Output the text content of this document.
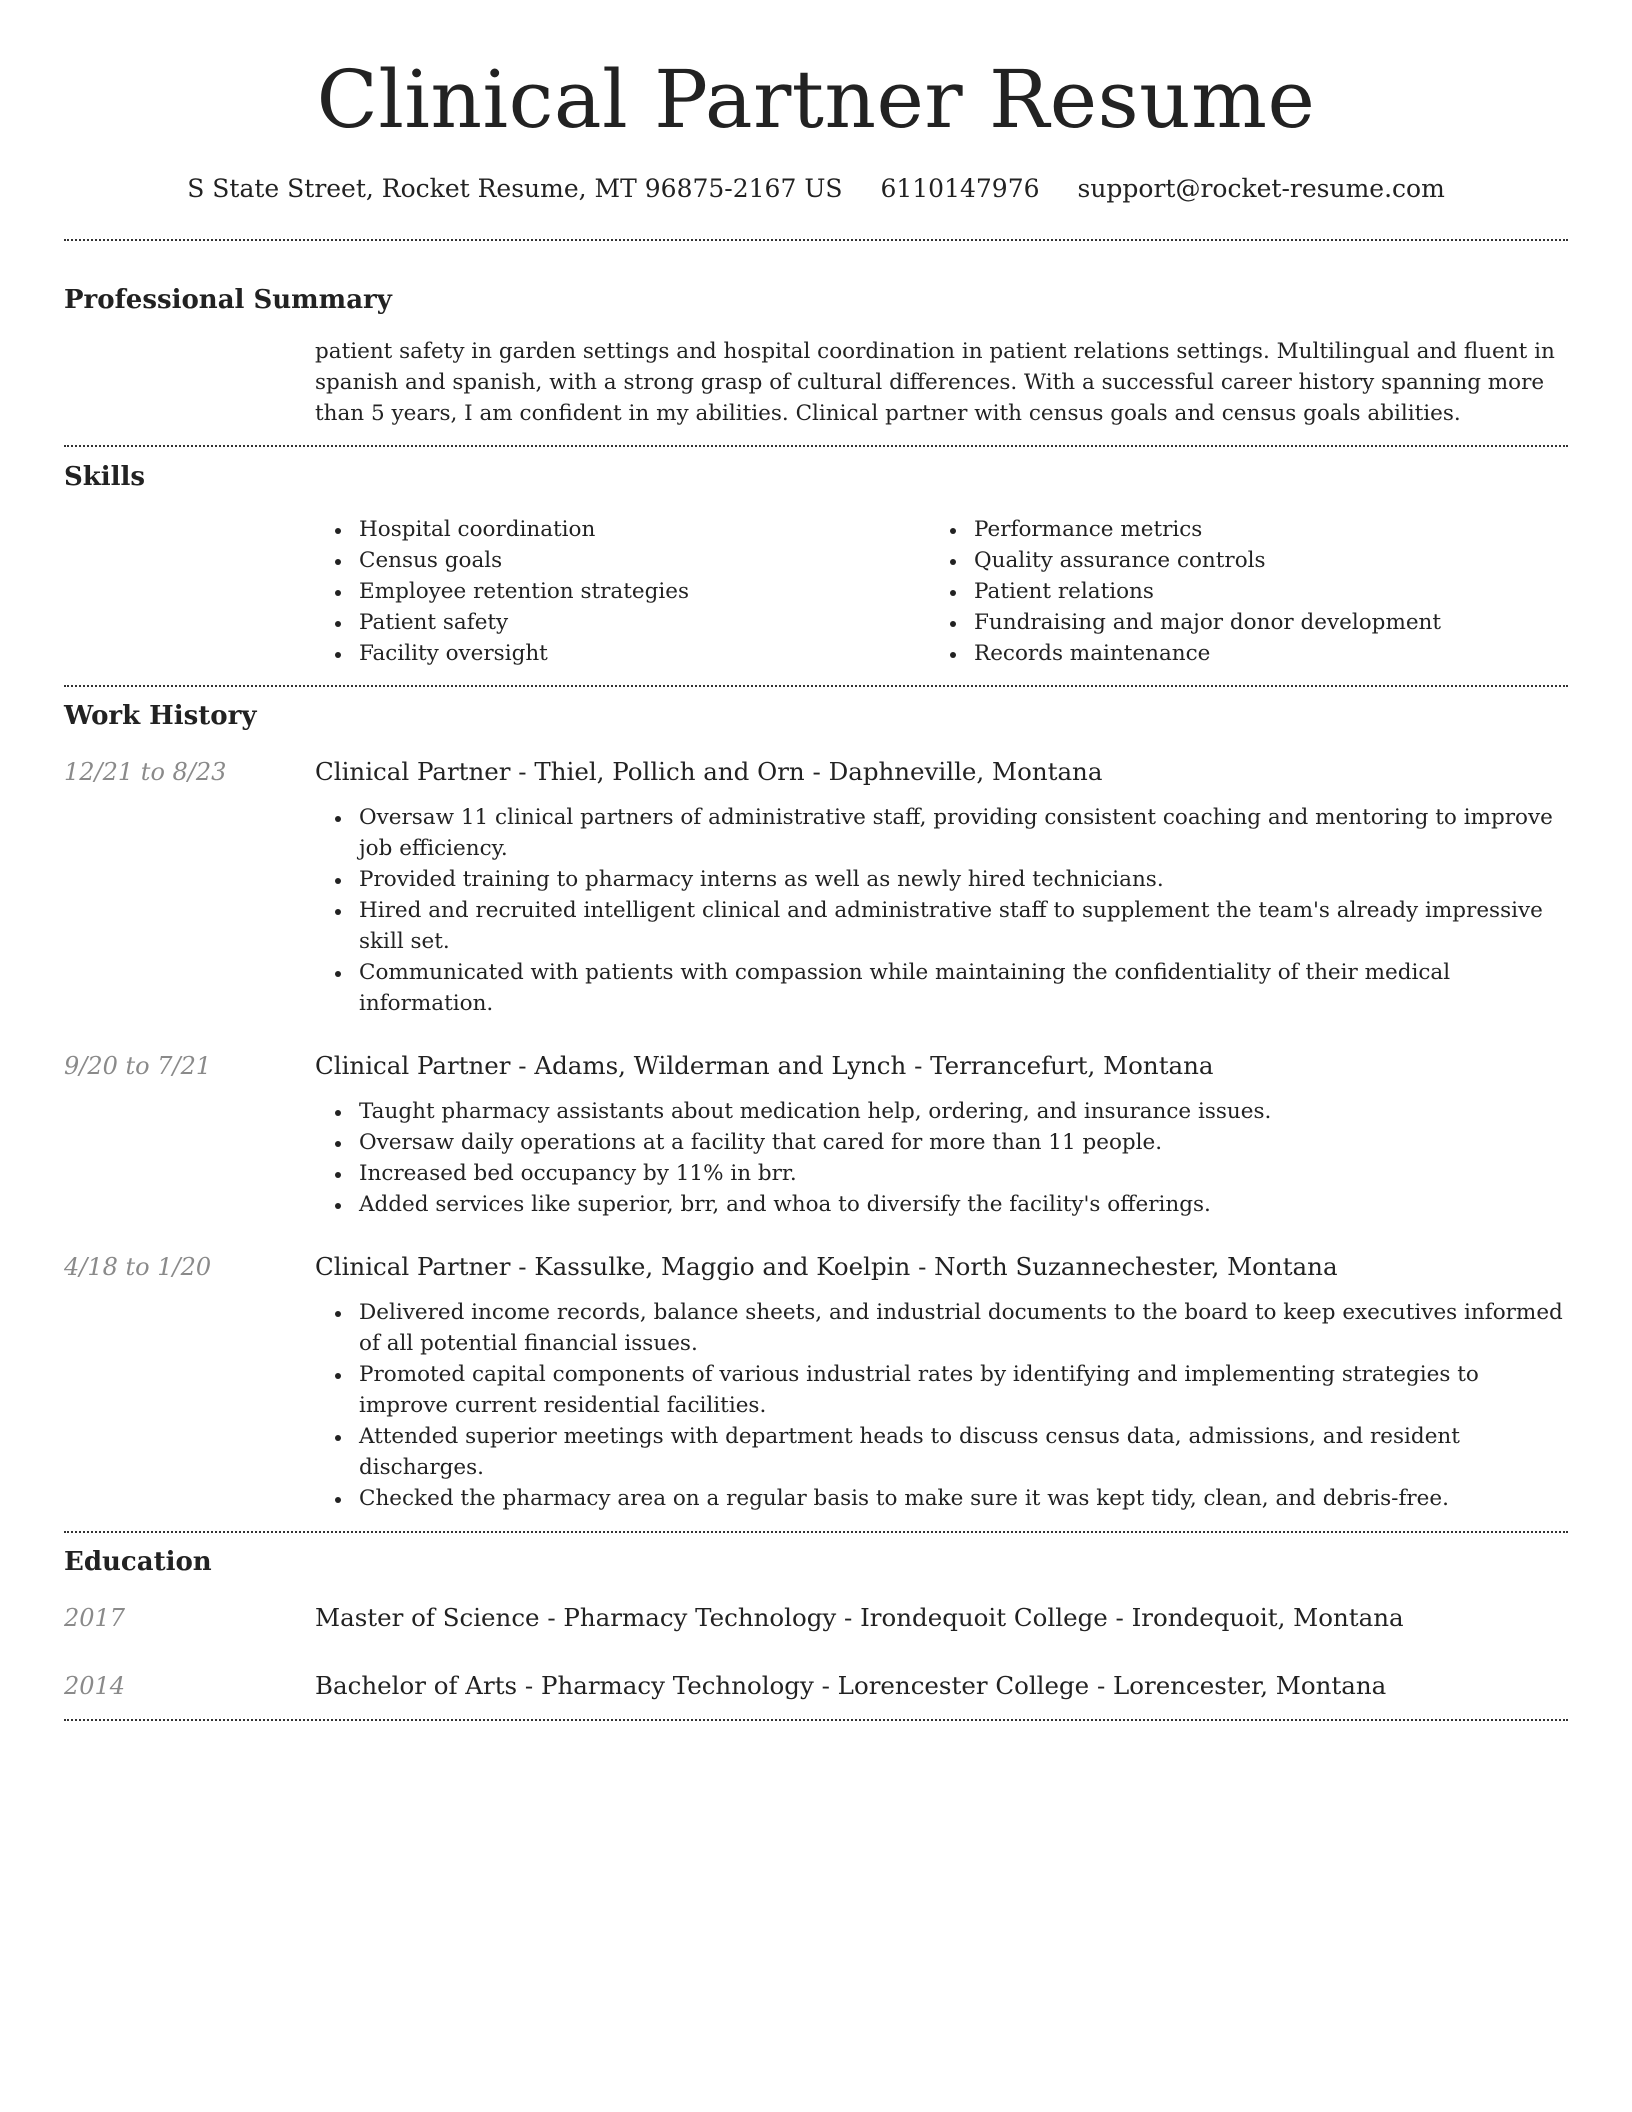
Clinical Partner Resume
S State Street, Rocket Resume, MT 96875-2167 US 6110147976 support@rocket-resume.com
Professional Summary

patient safety in garden settings and hospital coordination in patient relations settings. Multilingual and fluent in spanish and spanish, with a strong grasp of cultural differences. With a successful career history spanning more than 5 years, I am confident in my abilities. Clinical partner with census goals and census goals abilities.

Skills
Hospital coordination
Census goals
Employee retention strategies
Patient safety
Facility oversight
Performance metrics
Quality assurance controls
Patient relations
Fundraising and major donor development
Records maintenance
Work History
12/21 to 8/23	Clinical Partner - Thiel, Pollich and Orn - Daphneville, Montana
Oversaw 11 clinical partners of administrative staff, providing consistent coaching and mentoring to improve job efficiency.
Provided training to pharmacy interns as well as newly hired technicians.
Hired and recruited intelligent clinical and administrative staff to supplement the team's already impressive skill set.
Communicated with patients with compassion while maintaining the confidentiality of their medical information.
9/20 to 7/21	Clinical Partner - Adams, Wilderman and Lynch - Terrancefurt, Montana
Taught pharmacy assistants about medication help, ordering, and insurance issues.
Oversaw daily operations at a facility that cared for more than 11 people.
Increased bed occupancy by 11% in brr.
Added services like superior, brr, and whoa to diversify the facility's offerings.
4/18 to 1/20	Clinical Partner - Kassulke, Maggio and Koelpin - North Suzannechester, Montana
Delivered income records, balance sheets, and industrial documents to the board to keep executives informed of all potential financial issues.
Promoted capital components of various industrial rates by identifying and implementing strategies to improve current residential facilities.
Attended superior meetings with department heads to discuss census data, admissions, and resident discharges.
Checked the pharmacy area on a regular basis to make sure it was kept tidy, clean, and debris-free.
Education
2017	Master of Science - Pharmacy Technology - Irondequoit College - Irondequoit, Montana
2014	Bachelor of Arts - Pharmacy Technology - Lorencester College - Lorencester, Montana
